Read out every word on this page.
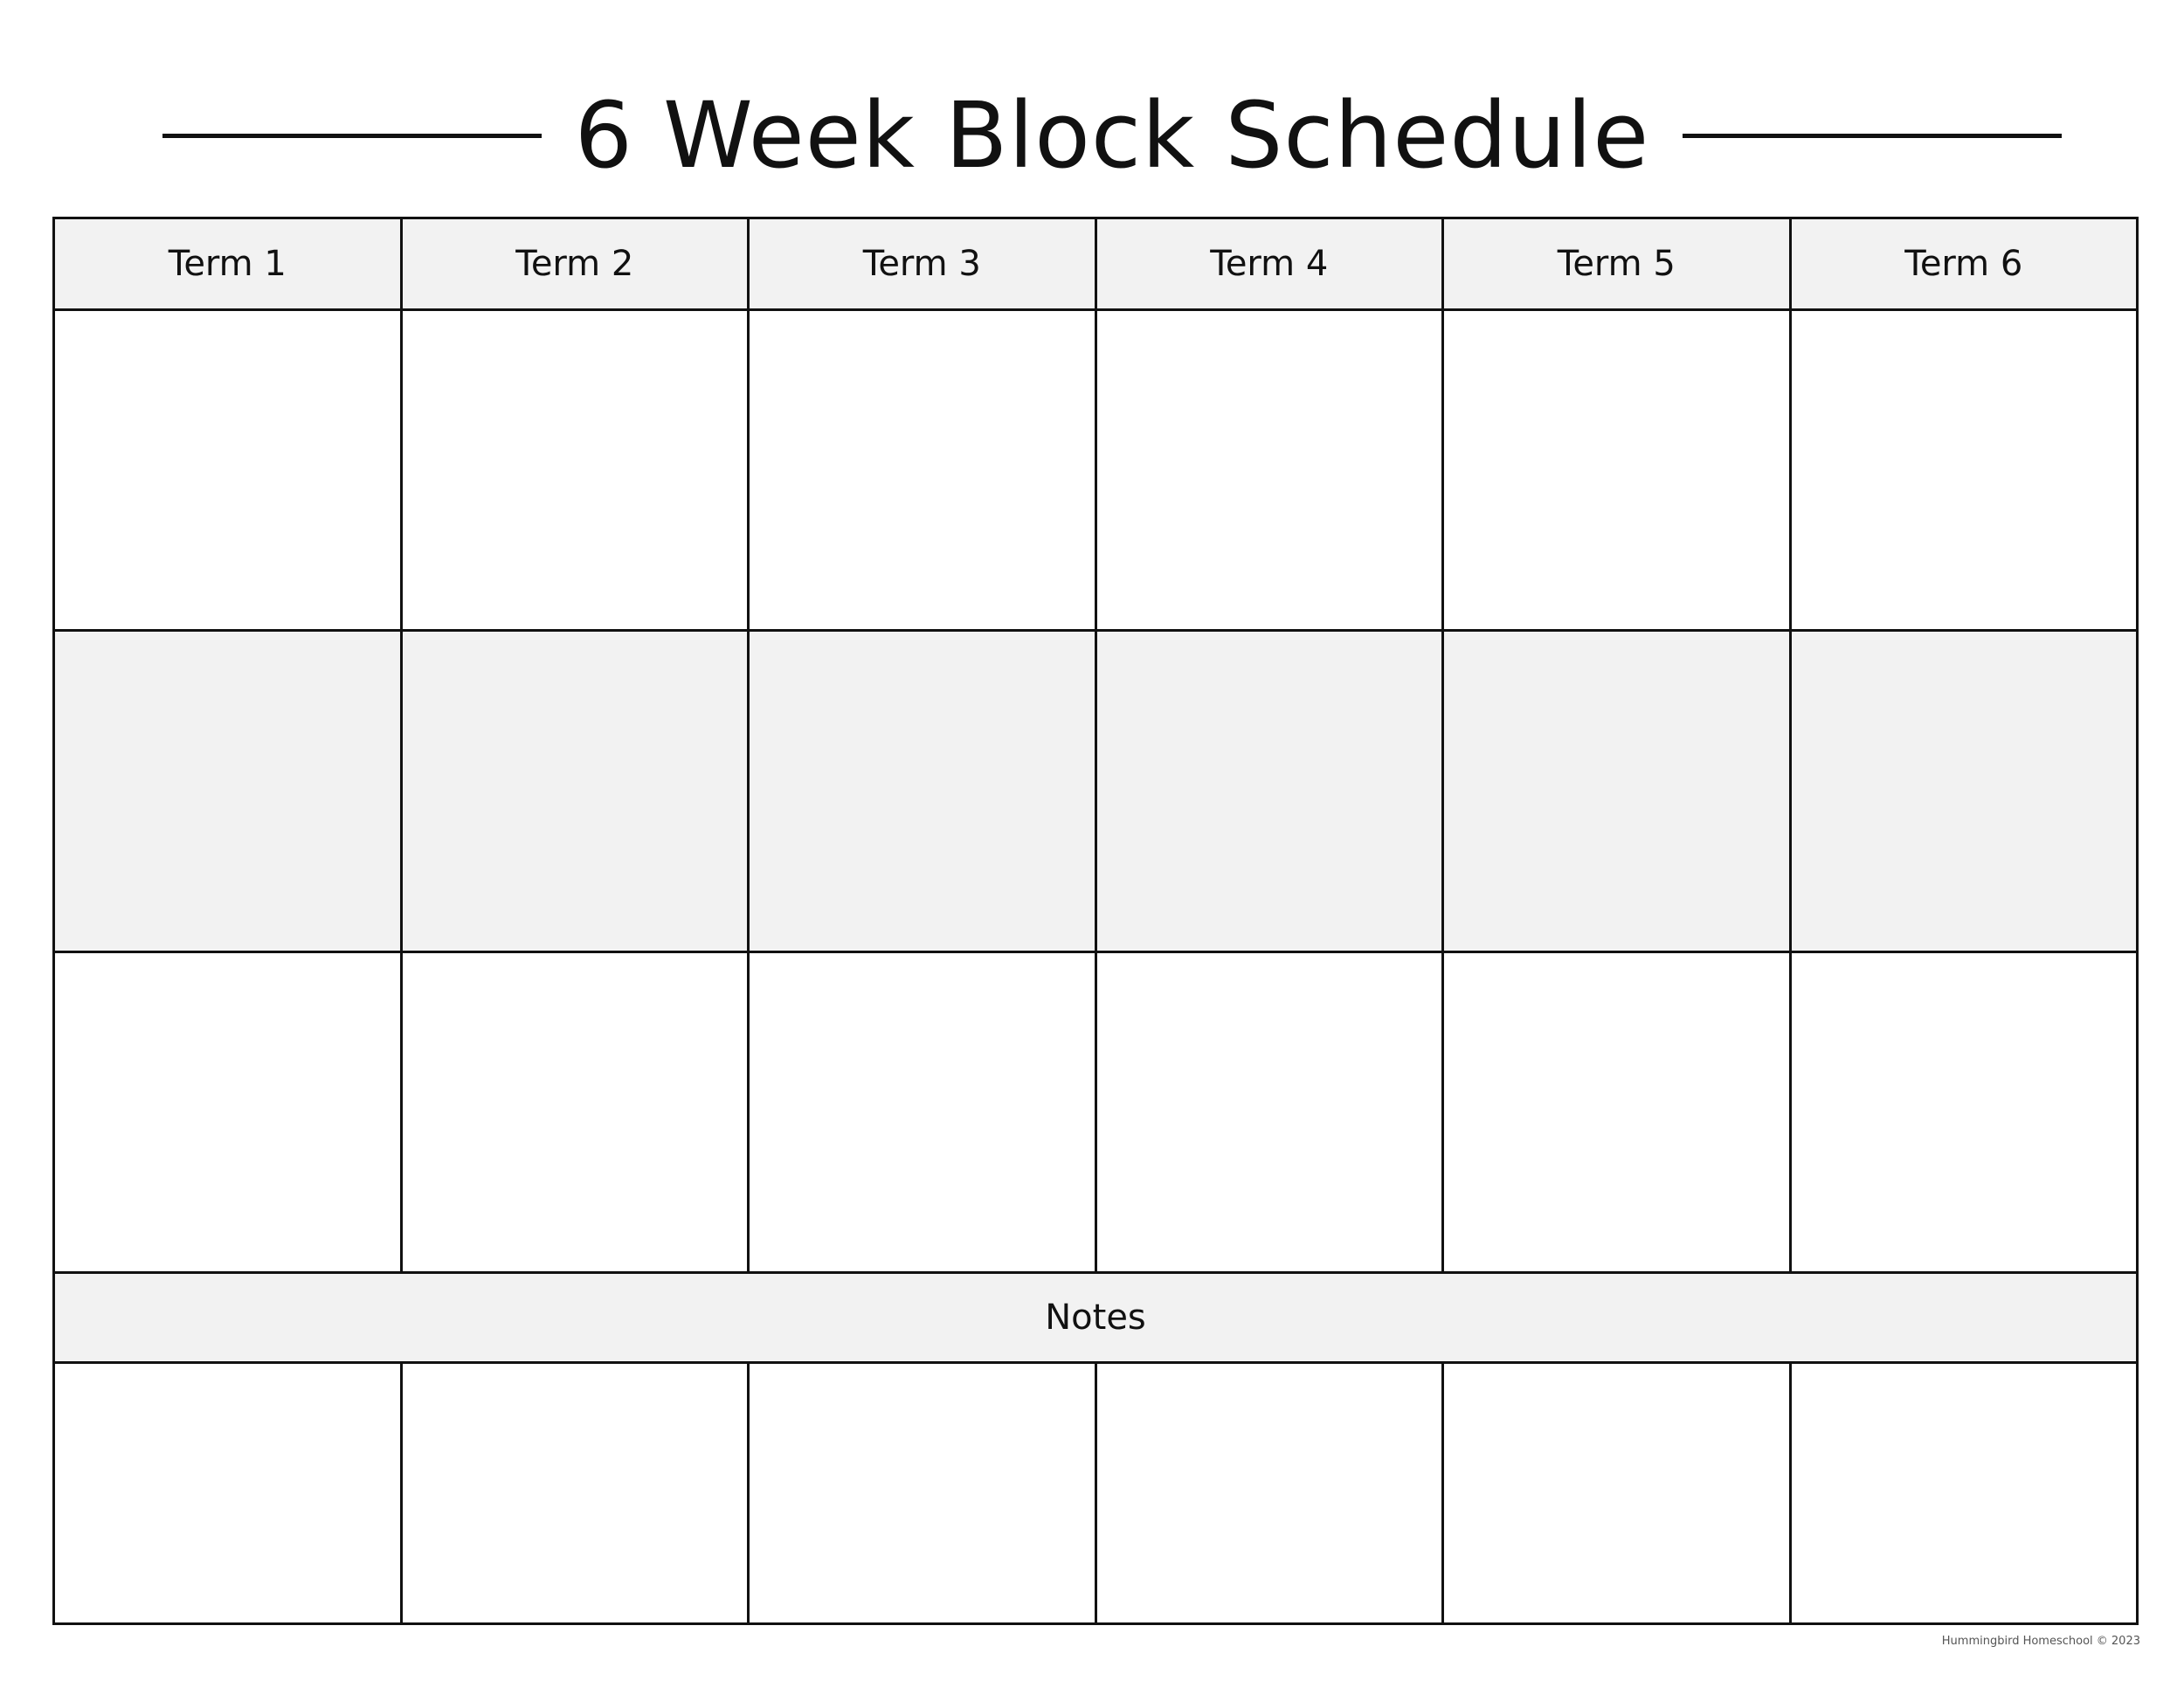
6 Week Block Schedule
Term 1	Term 2	Term 3	Term 4	Term 5	Term 6

Notes					

Hummingbird Homeschool © 2023
